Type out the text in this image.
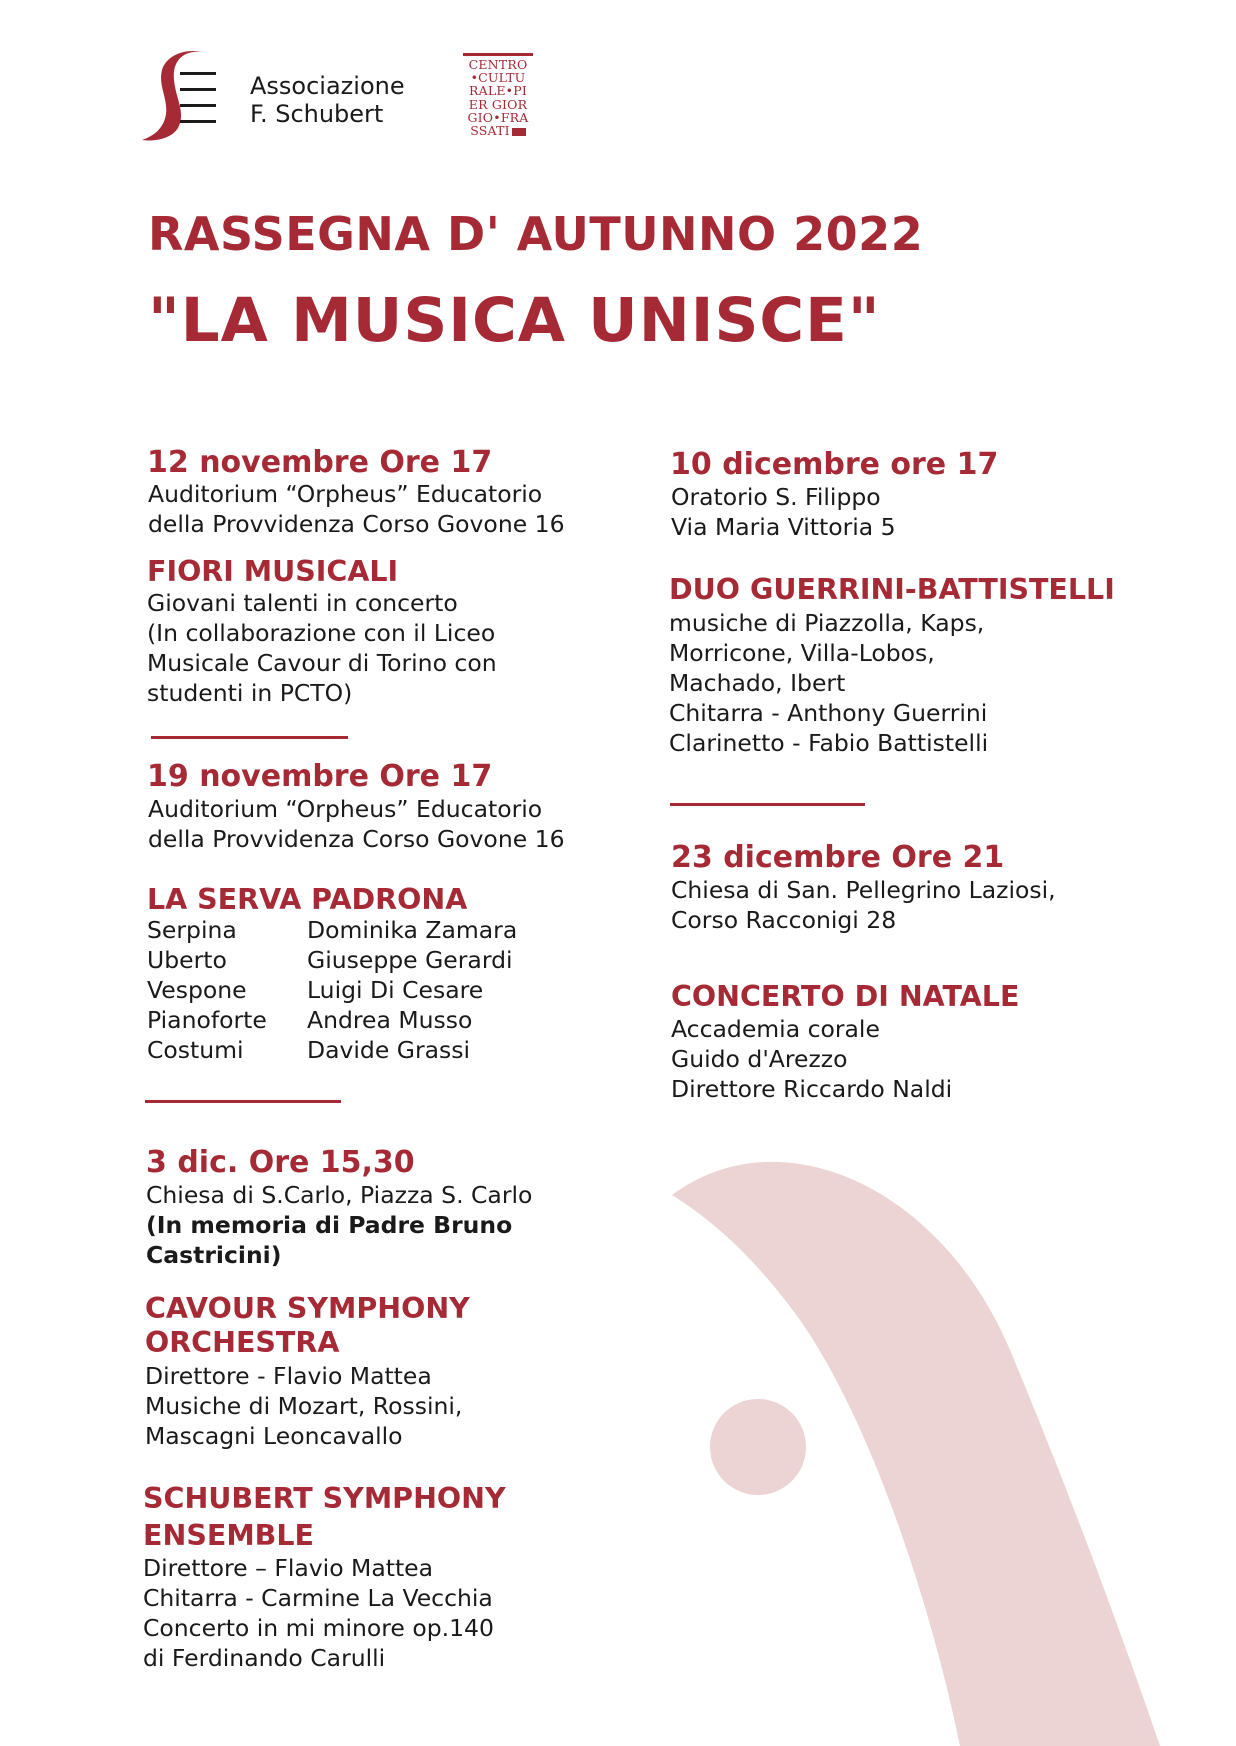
Associazione
F. Schubert
CENTRO
•CULTU
RALE•PI
ER GIOR
GIO•FRA
SSATI
RASSEGNA D' AUTUNNO 2022
"LA MUSICA UNISCE"
12 novembre Ore 17
Auditorium “Orpheus” Educatorio
della Provvidenza Corso Govone 16
FIORI MUSICALI
Giovani talenti in concerto
(In collaborazione con il Liceo
Musicale Cavour di Torino con
studenti in PCTO)
19 novembre Ore 17
Auditorium “Orpheus” Educatorio
della Provvidenza Corso Govone 16
LA SERVA PADRONA
Serpina	Dominika Zamara
Uberto	Giuseppe Gerardi
Vespone	Luigi Di Cesare
Pianoforte	Andrea Musso
Costumi	Davide Grassi
3 dic. Ore 15,30
Chiesa di S.Carlo, Piazza S. Carlo
(In memoria di Padre Bruno
Castricini)
CAVOUR SYMPHONY
ORCHESTRA
Direttore - Flavio Mattea
Musiche di Mozart, Rossini,
Mascagni Leoncavallo
SCHUBERT SYMPHONY
ENSEMBLE
Direttore – Flavio Mattea
Chitarra - Carmine La Vecchia
Concerto in mi minore op.140
di Ferdinando Carulli
10 dicembre ore 17
Oratorio S. Filippo
Via Maria Vittoria 5
DUO GUERRINI-BATTISTELLI
musiche di Piazzolla, Kaps,
Morricone, Villa-Lobos,
Machado, Ibert
Chitarra - Anthony Guerrini
Clarinetto - Fabio Battistelli
23 dicembre Ore 21
Chiesa di San. Pellegrino Laziosi,
Corso Racconigi 28
CONCERTO DI NATALE
Accademia corale
Guido d'Arezzo
Direttore Riccardo Naldi
